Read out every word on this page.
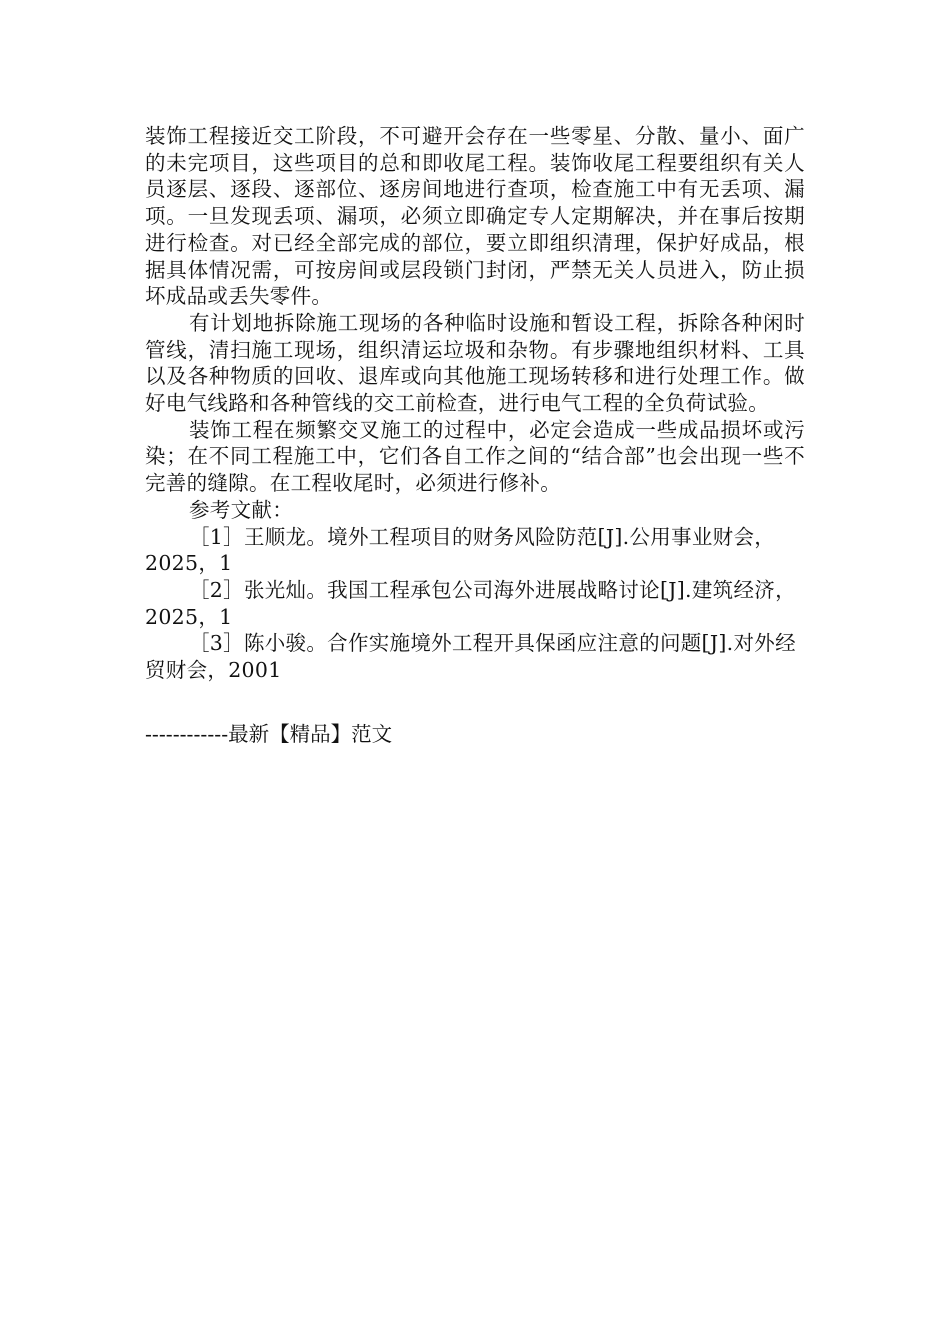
装饰工程接近交工阶段，不可避开会存在一些零星、分散、量小、面广的未完项目，这些项目的总和即收尾工程。装饰收尾工程要组织有关人员逐层、逐段、逐部位、逐房间地进行查项，检查施工中有无丢项、漏项。一旦发现丢项、漏项，必须立即确定专人定期解决，并在事后按期进行检查。对已经全部完成的部位，要立即组织清理，保护好成品，根据具体情况需，可按房间或层段锁门封闭，严禁无关人员进入，防止损坏成品或丢失零件。

有计划地拆除施工现场的各种临时设施和暂设工程，拆除各种闲时管线，清扫施工现场，组织清运垃圾和杂物。有步骤地组织材料、工具以及各种物质的回收、退库或向其他施工现场转移和进行处理工作。做好电气线路和各种管线的交工前检查，进行电气工程的全负荷试验。

装饰工程在频繁交叉施工的过程中，必定会造成一些成品损坏或污染；在不同工程施工中，它们各自工作之间的“结合部”也会出现一些不完善的缝隙。在工程收尾时，必须进行修补。

参考文献：

［1］王顺龙。境外工程项目的财务风险防范[J].公用事业财会，2025，1

［2］张光灿。我国工程承包公司海外进展战略讨论[J].建筑经济，2025，1

［3］陈小骏。合作实施境外工程开具保函应注意的问题[J].对外经贸财会，2001

------------最新【精品】范文
